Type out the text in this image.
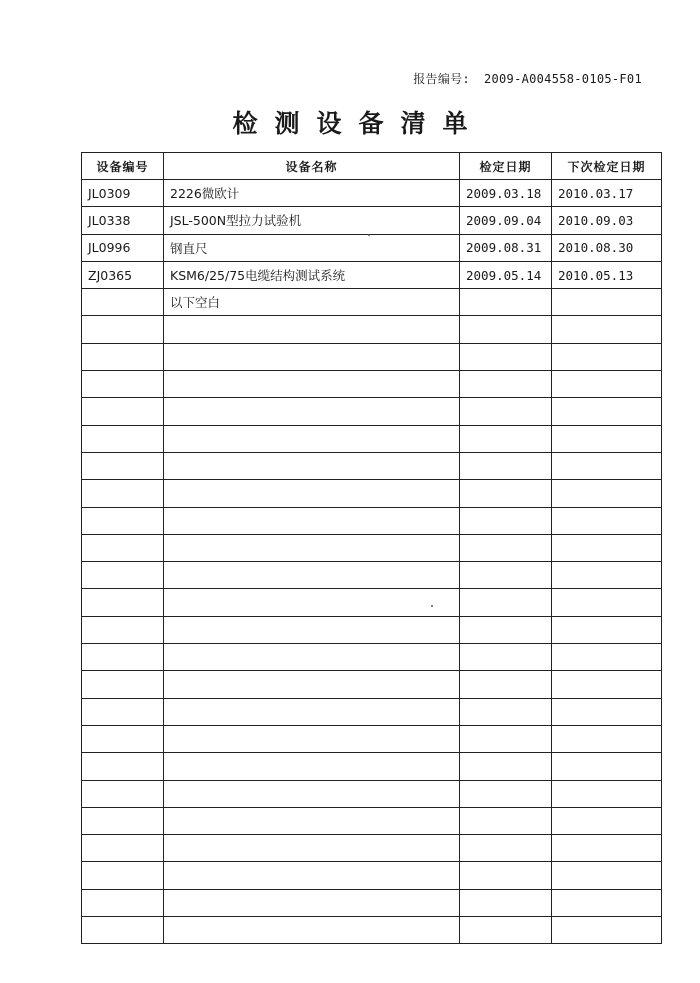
报告编号: 2009-A004558-0105-F01
检测设备清单
设备编号	设备名称	检定日期	下次检定日期
JL0309	2226微欧计	2009.03.18	2010.03.17
JL0338	JSL-500N型拉力试验机	2009.09.04	2010.09.03
JL0996	钢直尺	2009.08.31	2010.08.30
ZJ0365	KSM6/25/75电缆结构测试系统	2009.05.14	2010.05.13
	以下空白		
